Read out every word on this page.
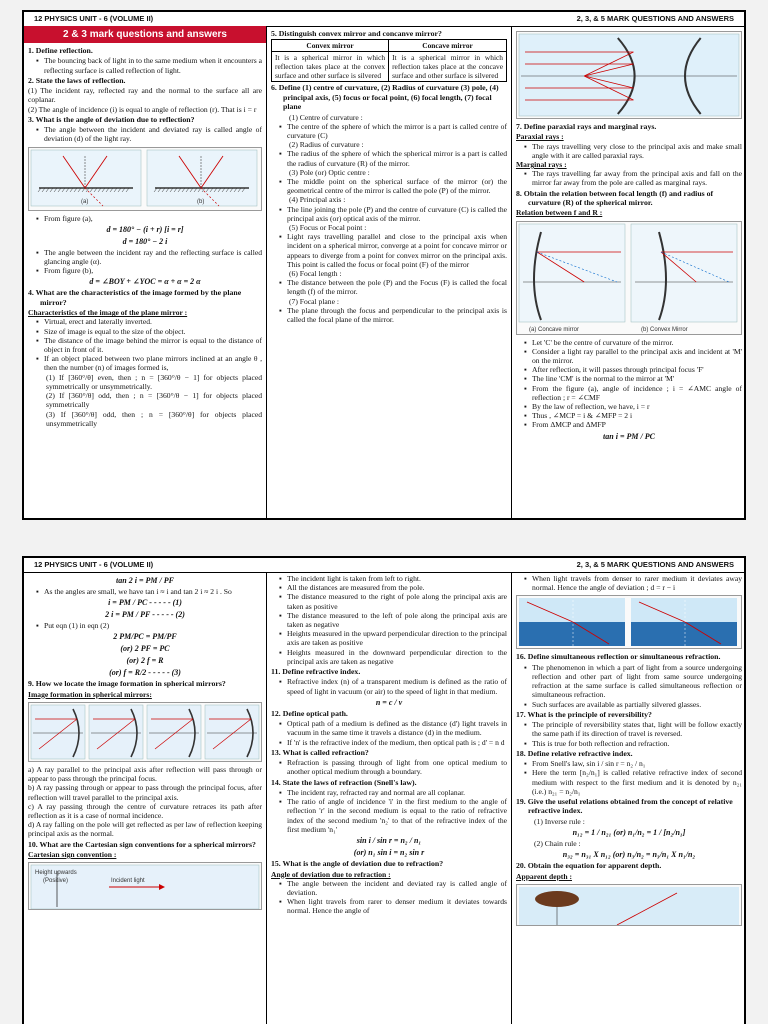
12 PHYSICS UNIT - 6 (VOLUME II)	2, 3, & 5 MARK QUESTIONS AND ANSWERS
2 & 3 mark questions and answers

1. Define reflection.

▪ The bouncing back of light in to the same medium when it encounters a reflecting surface is called reflection of light.

2. State the laws of reflection.

(1) The incident ray, reflected ray and the normal to the surface all are coplanar.

(2) The angle of incidence (i) is equal to angle of reflection (r). That is i = r

3. What is the angle of deviation due to reflection?

▪ The angle between the incident and deviated ray is called angle of deviation (d) of the light ray.

(a)	(b)

▪ From figure (a),

d = 180° − (i + r) [i = r]

d = 180° − 2 i

▪ The angle between the incident ray and the reflecting surface is called glancing angle (α).

▪ From figure (b),

d = ∠BOY + ∠YOC = α + α = 2 α

4. What are the characteristics of the image formed by the plane mirror?

Characteristics of the image of the plane mirror :

▪ Virtual, erect and laterally inverted.

▪ Size of image is equal to the size of the object.

▪ The distance of the image behind the mirror is equal to the distance of object in front of it.

▪ If an object placed between two plane mirrors inclined at an angle θ , then the number (n) of images formed is,

(1) If [360°/θ] even, then ; n = [360°/θ − 1] for objects placed symmetrically or unsymmetrically.

(2) If [360°/θ] odd, then ; n = [360°/θ − 1] for objects placed symmetrically

(3) If [360°/θ] odd, then ; n = [360°/θ] for objects placed unsymmetrically

5. Distinguish convex mirror and concanve mirror?

Convex mirror	Concave mirror
It is a spherical mirror in which reflection takes place at the convex surface and other surface is silvered	It is a spherical mirror in which reflection takes place at the concave surface and other surface is silvered

6. Define (1) centre of curvature, (2) Radius of curvature (3) pole, (4) principal axis, (5) focus or focal point, (6) focal length, (7) focal plane

(1) Centre of curvature :

▪ The centre of the sphere of which the mirror is a part is called centre of curvature (C)

(2) Radius of curvature :

▪ The radius of the sphere of which the spherical mirror is a part is called the radius of curvature (R) of the mirror.

(3) Pole (or) Optic centre :

▪ The middle point on the spherical surface of the mirror (or) the geometrical centre of the mirror is called the pole (P) of the mirror.

(4) Principal axis :

▪ The line joining the pole (P) and the centre of curvature (C) is called the principal axis (or) optical axis of the mirror.

(5) Focus or Focal point :

▪ Light rays travelling parallel and close to the principal axis when incident on a spherical mirror, converge at a point for concave mirror or appears to diverge from a point for convex mirror on the principal axis. This point is called the focus or focal point (F) of the mirror

(6) Focal length :

▪ The distance between the pole (P) and the Focus (F) is called the focal length (f) of the mirror.

(7) Focal plane :

▪ The plane through the focus and perpendicular to the principal axis is called the focal plane of the mirror.

7. Define paraxial rays and marginal rays.

Paraxial rays :

▪ The rays travelling very close to the principal axis and make small angle with it are called paraxial rays.

Marginal rays :

▪ The rays travelling far away from the principal axis and fall on the mirror far away from the pole are called as marginal rays.

8. Obtain the relation between focal length (f) and radius of curvature (R) of the spherical mirror.

Relation between f and R :

(a) Concave mirror	(b) Convex Mirror

▪ Let 'C' be the centre of curvature of the mirror.

▪ Consider a light ray parallel to the principal axis and incident at 'M' on the mirror.

▪ After reflection, it will passes through principal focus 'F'

▪ The line 'CM' is the normal to the mirror at 'M'

▪ From the figure (a), angle of incidence ; i = ∠AMC angle of reflection ; r = ∠CMF

▪ By the law of reflection, we have, i = r

▪ Thus , ∠MCP = i & ∠MFP = 2 i

▪ From ΔMCP and ΔMFP

tan i = PM / PC

12 PHYSICS UNIT - 6 (VOLUME II)	2, 3, & 5 MARK QUESTIONS AND ANSWERS

tan 2 i = PM / PF

▪ As the angles are small, we have tan i ≈ i and tan 2 i ≈ 2 i . So

i = PM / PC - - - - - (1)

2 i = PM / PF - - - - - (2)

▪ Put eqn (1) in eqn (2)

2 PM/PC = PM/PF

(or) 2 PF = PC

(or) 2 f = R

(or) f = R/2 - - - - - (3)

9. How we locate the image formation in spherical mirrors?

Image formation in spherical mirrors:

a) A ray parallel to the principal axis after reflection will pass through or appear to pass through the principal focus.

b) A ray passing through or appear to pass through the principal focus, after reflection will travel parallel to the principal axis.

c) A ray passing through the centre of curvature retraces its path after reflection as it is a case of normal incidence.

d) A ray falling on the pole will get reflected as per law of reflection keeping principal axis as the normal.

10. What are the Cartesian sign conventions for a spherical mirrors?

Cartesian sign convention :

Height upwards
(Positive)	Incident light

▪ The incident light is taken from left to right.

▪ All the distances are measured from the pole.

▪ The distance measured to the right of pole along the principal axis are taken as positive

▪ The distance measured to the left of pole along the principal axis are taken as negative

▪ Heights measured in the upward perpendicular direction to the principal axis are taken as positive

▪ Heights measured in the downward perpendicular direction to the principal axis are taken as negative

11. Define refractive index.

▪ Refractive index (n) of a transparent medium is defined as the ratio of speed of light in vacuum (or air) to the speed of light in that medium.

n = c / v

12. Define optical path.

▪ Optical path of a medium is defined as the distance (d') light travels in vacuum in the same time it travels a distance (d) in the medium.

▪ If 'n' is the refractive index of the medium, then optical path is ; d' = n d

13. What is called refraction?

▪ Refraction is passing through of light from one optical medium to another optical medium through a boundary.

14. State the laws of refraction (Snell's law).

▪ The incident ray, refracted ray and normal are all coplanar.

▪ The ratio of angle of incidence 'i' in the first medium to the angle of reflection 'r' in the second medium is equal to the ratio of refractive index of the second medium 'n₂' to that of the refractive index of the first medium 'n₁'

sin i / sin r = n₂ / n₁

(or) n₁ sin i = n₂ sin r

15. What is the angle of deviation due to refraction?

Angle of deviation due to refraction :

▪ The angle between the incident and deviated ray is called angle of deviation.

▪ When light travels from rarer to denser medium it deviates towards normal. Hence the angle of

▪ When light travels from denser to rarer medium it deviates away normal. Hence the angle of deviation ; d = r − i

16. Define simultaneous reflection or simultaneous refraction.

▪ The phenomenon in which a part of light from a source undergoing reflection and other part of light from same source undergoing refraction at the same surface is called simultaneous reflection or simultaneous refraction.

▪ Such surfaces are available as partially silvered glasses.

17. What is the principle of reversibility?

▪ The principle of reversibility states that, light will be follow exactly the same path if its direction of travel is reversed.

▪ This is true for both reflection and refraction.

18. Define relative refractive index.

▪ From Snell's law, sin i / sin r = n₂ / n₁

▪ Here the term [n₂/n₁] is called relative refractive index of second medium with respect to the first medium and it is denoted by n₂₁ (i.e.) n₂₁ = n₂/n₁

19. Give the useful relations obtained from the concept of relative refractive index.

(1) Inverse rule :

n₁₂ = 1 / n₂₁ (or) n₁/n₂ = 1 / [n₂/n₁]

(2) Chain rule :

n₃₂ = n₃₁ X n₁₂ (or) n₃/n₂ = n₃/n₁ X n₁/n₂

20. Obtain the equation for apparent depth.

Apparent depth :
